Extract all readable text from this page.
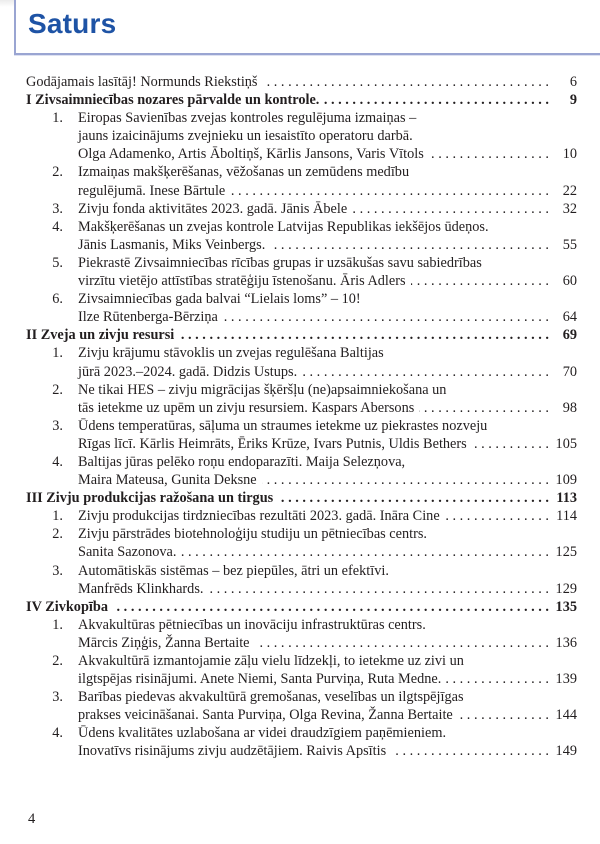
Saturs
Godājamais lasītāj! Normunds Riekstiņš . . .	6
I Zivsaimniecības nozares pārvalde un kontrole. . . .	9
1. Eiropas Savienības zvejas kontroles regulējuma izmaiņas –
jauns izaicinājums zvejnieku un iesaistīto operatoru darbā.
Olga Adamenko, Artis Āboltiņš, Kārlis Jansons, Varis Vītols . . .	10
2. Izmaiņas makšķerēšanas, vēžošanas un zemūdens medību
regulējumā. Inese Bārtule . . .	22
3. Zivju fonda aktivitātes 2023. gadā. Jānis Ābele . . .	32
4. Makšķerēšanas un zvejas kontrole Latvijas Republikas iekšējos ūdeņos.
Jānis Lasmanis, Miks Veinbergs. . . .	55
5. Piekrastē Zivsaimniecības rīcības grupas ir uzsākušas savu sabiedrības
virzītu vietējo attīstības stratēģiju īstenošanu. Āris Adlers . . .	60
6. Zivsaimniecības gada balvai “Lielais loms” – 10!
Ilze Rūtenberga-Bērziņa . . .	64
II Zveja un zivju resursi . . .	69
1. Zivju krājumu stāvoklis un zvejas regulēšana Baltijas
jūrā 2023.–2024. gadā. Didzis Ustups. . . .	70
2. Ne tikai HES – zivju migrācijas šķēršļu (ne)apsaimniekošana un
tās ietekme uz upēm un zivju resursiem. Kaspars Abersons . . .	98
3. Ūdens temperatūras, sāļuma un straumes ietekme uz piekrastes nozveju
Rīgas līcī. Kārlis Heimrāts, Ēriks Krūze, Ivars Putnis, Uldis Bethers . . .	105
4. Baltijas jūras pelēko roņu endoparazīti. Maija Selezņova,
Maira Mateusa, Gunita Deksne . . .	109
III Zivju produkcijas ražošana un tirgus . . .	113
1. Zivju produkcijas tirdzniecības rezultāti 2023. gadā. Ināra Cine . . .	114
2. Zivju pārstrādes biotehnoloģiju studiju un pētniecības centrs.
Sanita Sazonova. . . .	125
3. Automātiskās sistēmas – bez piepūles, ātri un efektīvi.
Manfrēds Klinkhards. . . .	129
IV Zivkopība . . .	135
1. Akvakultūras pētniecības un inovāciju infrastruktūras centrs.
Mārcis Ziņģis, Žanna Bertaite . . .	136
2. Akvakultūrā izmantojamie zāļu vielu līdzekļi, to ietekme uz zivi un
ilgtspējas risinājumi. Anete Niemi, Santa Purviņa, Ruta Medne. . . .	139
3. Barības piedevas akvakultūrā gremošanas, veselības un ilgtspējīgas
prakses veicināšanai. Santa Purviņa, Olga Revina, Žanna Bertaite . . .	144
4. Ūdens kvalitātes uzlabošana ar videi draudzīgiem paņēmieniem.
Inovatīvs risinājums zivju audzētājiem. Raivis Apsītis . . .	149
4
